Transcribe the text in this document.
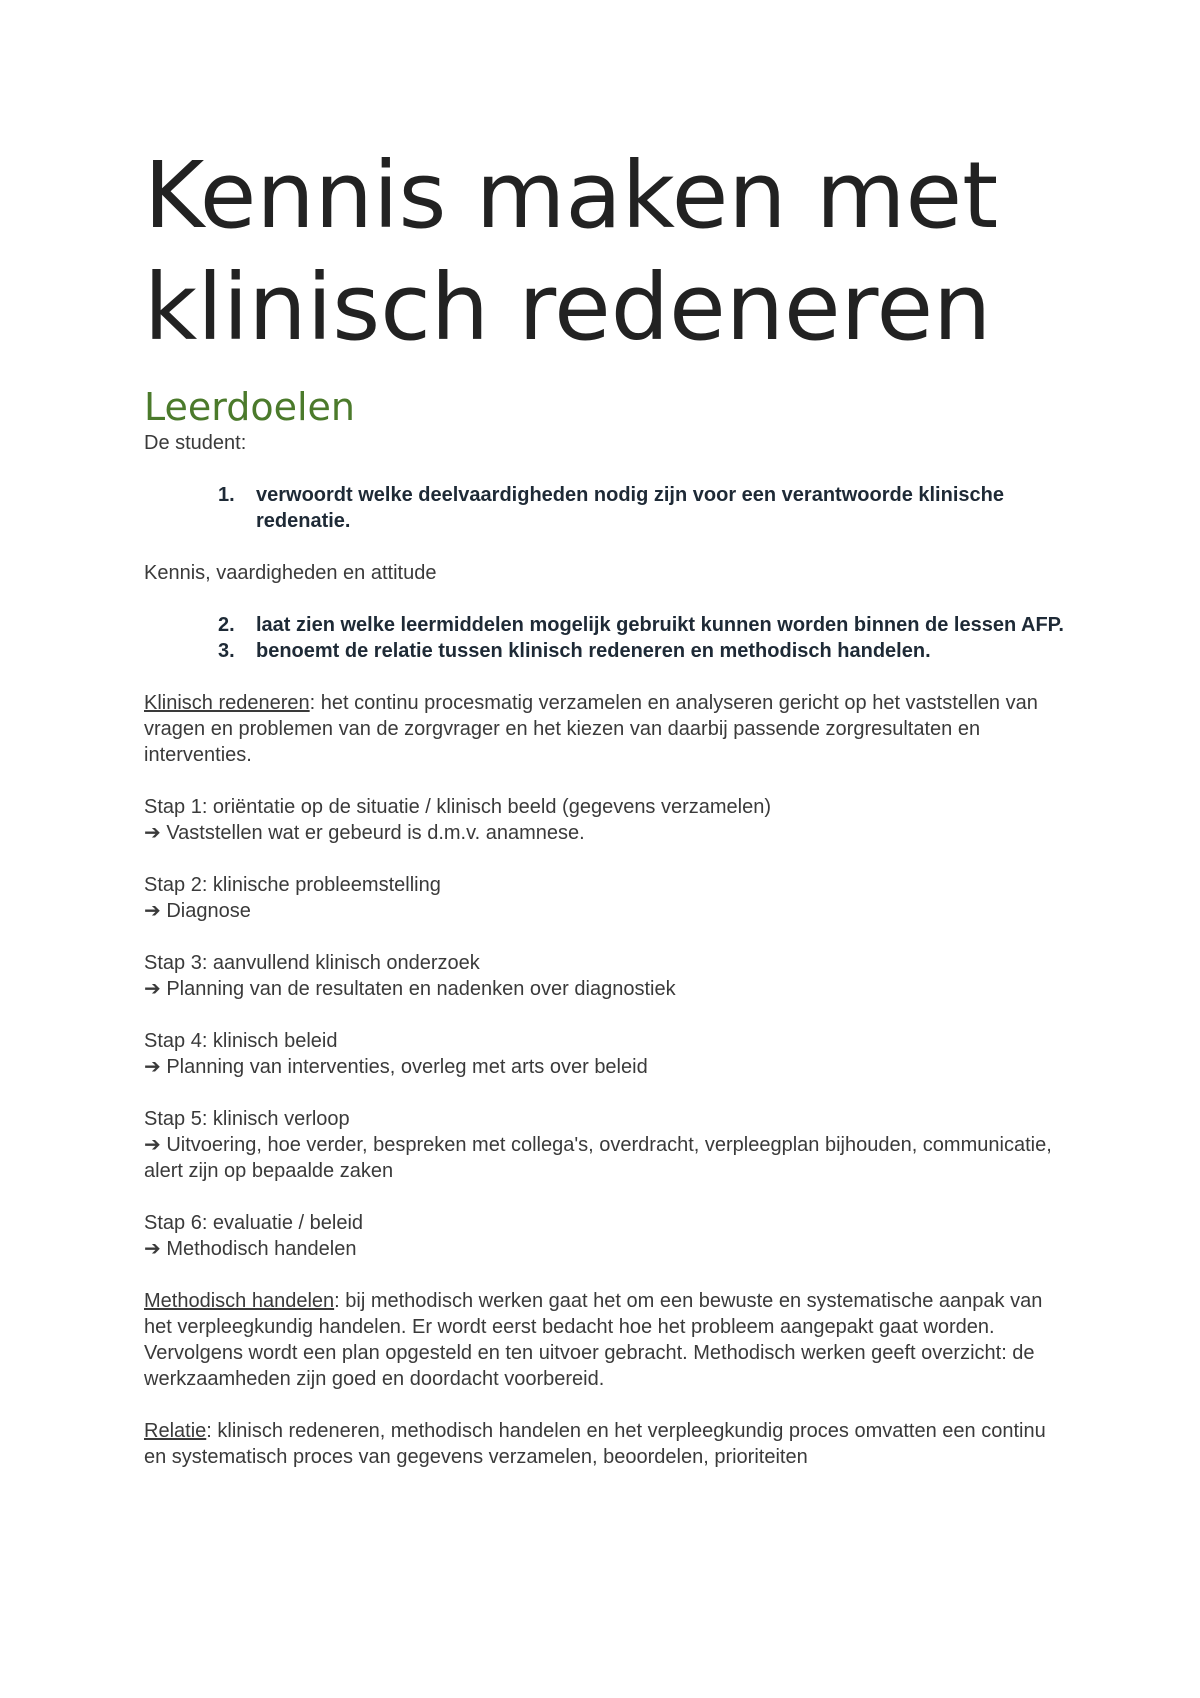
Kennis maken met klinisch redeneren
Leerdoelen

De student:

1. verwoordt welke deelvaardigheden nodig zijn voor een verantwoorde klinische redenatie.

Kennis, vaardigheden en attitude

2. laat zien welke leermiddelen mogelijk gebruikt kunnen worden binnen de lessen AFP.
3. benoemt de relatie tussen klinisch redeneren en methodisch handelen.

Klinisch redeneren: het continu procesmatig verzamelen en analyseren gericht op het vaststellen van vragen en problemen van de zorgvrager en het kiezen van daarbij passende zorgresultaten en interventies.

Stap 1: oriëntatie op de situatie / klinisch beeld (gegevens verzamelen)

➔ Vaststellen wat er gebeurd is d.m.v. anamnese.

Stap 2: klinische probleemstelling

➔ Diagnose

Stap 3: aanvullend klinisch onderzoek

➔ Planning van de resultaten en nadenken over diagnostiek

Stap 4: klinisch beleid

➔ Planning van interventies, overleg met arts over beleid

Stap 5: klinisch verloop

➔ Uitvoering, hoe verder, bespreken met collega's, overdracht, verpleegplan bijhouden, communicatie, alert zijn op bepaalde zaken

Stap 6: evaluatie / beleid

➔ Methodisch handelen

Methodisch handelen: bij methodisch werken gaat het om een bewuste en systematische aanpak van het verpleegkundig handelen. Er wordt eerst bedacht hoe het probleem aangepakt gaat worden. Vervolgens wordt een plan opgesteld en ten uitvoer gebracht. Methodisch werken geeft overzicht: de werkzaamheden zijn goed en doordacht voorbereid.

Relatie: klinisch redeneren, methodisch handelen en het verpleegkundig proces omvatten een continu en systematisch proces van gegevens verzamelen, beoordelen, prioriteiten
